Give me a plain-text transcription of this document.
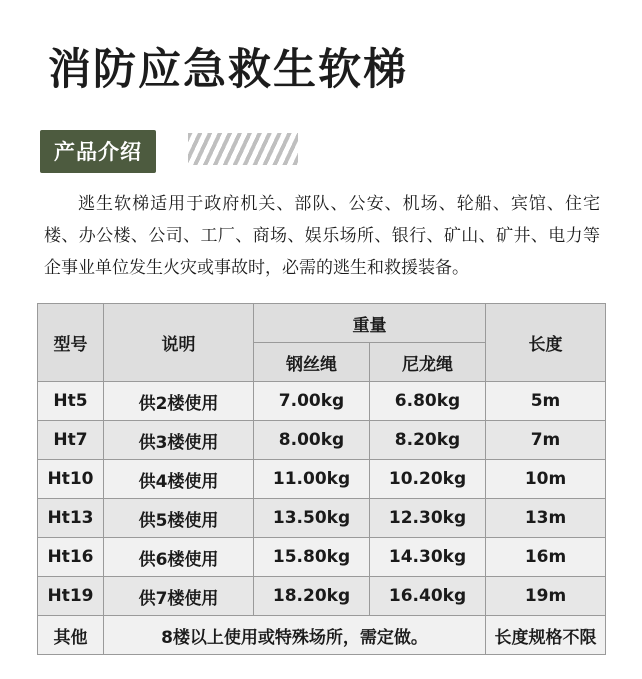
消防应急救生软梯
产品介绍
逃生软梯适用于政府机关、部队、公安、机场、轮船、宾馆、住宅楼、办公楼、公司、工厂、商场、娱乐场所、银行、矿山、矿井、电力等企事业单位发生火灾或事故时，必需的逃生和救援装备。
型号	说明	重量		长度
		钢丝绳	尼龙绳	
Ht5	供2楼使用	7.00kg	6.80kg	5m
Ht7	供3楼使用	8.00kg	8.20kg	7m
Ht10	供4楼使用	11.00kg	10.20kg	10m
Ht13	供5楼使用	13.50kg	12.30kg	13m
Ht16	供6楼使用	15.80kg	14.30kg	16m
Ht19	供7楼使用	18.20kg	16.40kg	19m
其他	8楼以上使用或特殊场所，需定做。			长度规格不限
